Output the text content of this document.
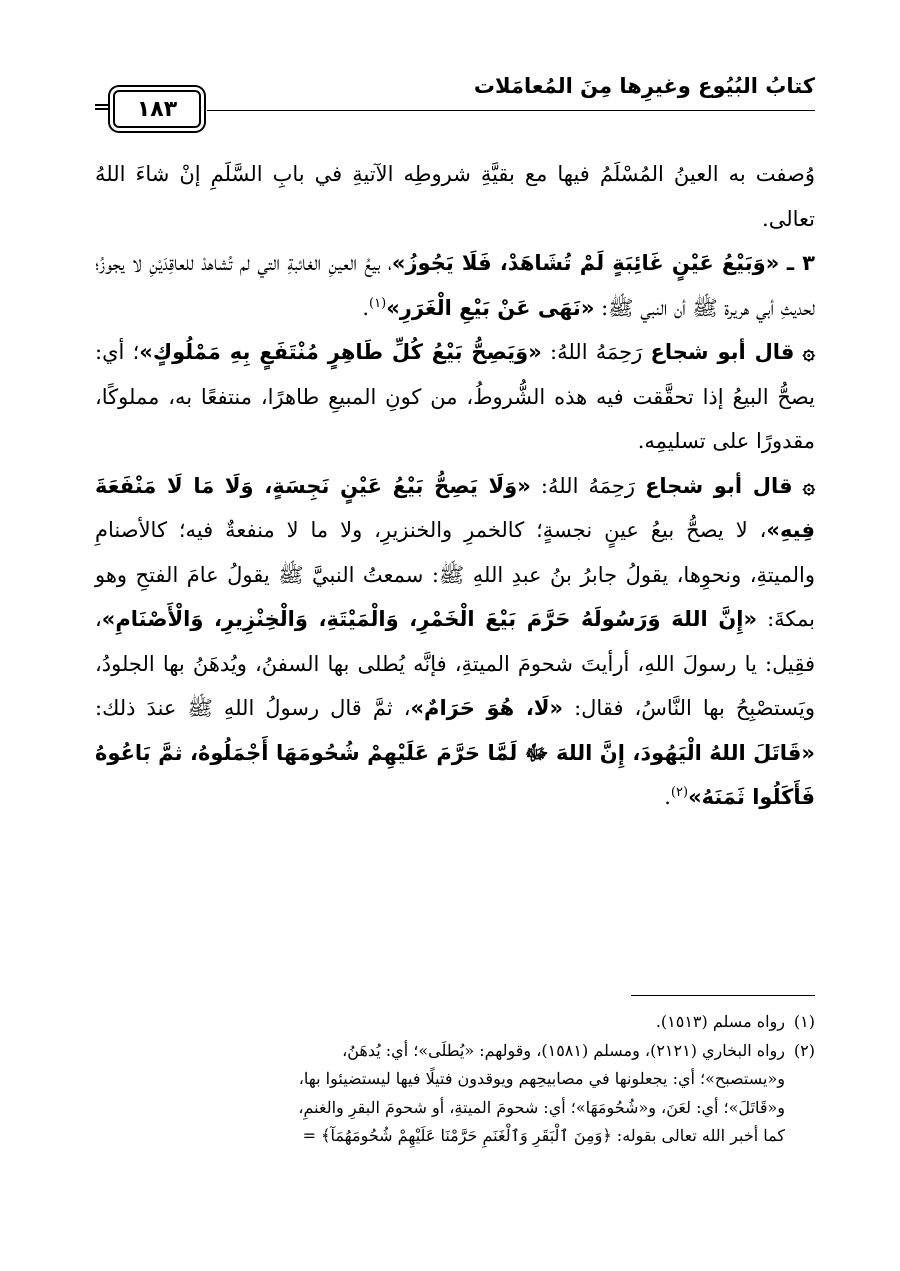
كتابُ البُيُوع وغيرِها مِنَ المُعامَلات
١٨٣

وُصفت به العينُ المُسْلَمُ فيها مع بقيَّةِ شروطِه الآتيةِ في بابِ السَّلَمِ إنْ شاءَ اللهُ تعالى.

٣ ـ «وَبَيْعُ عَيْنٍ غَائِبَةٍ لَمْ تُشَاهَدْ، فَلَا يَجُوزُ»، بيعُ العينِ الغائبةِ التي لم تُشاهدْ للعاقِدَيْنِ لا يجوزُ؛ لحديثِ أبي هريرة ﷺ أن النبي ﷺ: «نَهَى عَنْ بَيْعِ الْغَرَرِ»$^{(١)}$.

۞ قال أبو شجاع رَحِمَهُ اللهُ: «وَيَصِحُّ بَيْعُ كُلِّ طَاهِرٍ مُنْتَفَعٍ بِهِ مَمْلُوكٍ»؛ أي: يصحُّ البيعُ إذا تحقَّقت فيه هذه الشُّروطُ، من كونِ المبيعِ طاهرًا، منتفعًا به، مملوكًا، مقدورًا على تسليمِه.

۞ قال أبو شجاع رَحِمَهُ اللهُ: «وَلَا يَصِحُّ بَيْعُ عَيْنٍ نَجِسَةٍ، وَلَا مَا لَا مَنْفَعَةَ فِيهِ»، لا يصحُّ بيعُ عينٍ نجسةٍ؛ كالخمرِ والخنزيرِ، ولا ما لا منفعةٌ فيه؛ كالأصنامِ والميتةِ، ونحوِها، يقولُ جابرُ بنُ عبدِ اللهِ ﷺ: سمعتُ النبيَّ ﷺ يقولُ عامَ الفتحِ وهو بمكةَ: «إِنَّ اللهَ وَرَسُولَهُ حَرَّمَ بَيْعَ الْخَمْرِ، وَالْمَيْتَةِ، وَالْخِنْزِيرِ، وَالْأَصْنَامِ»، فقِيل: يا رسولَ اللهِ، أرأيتَ شحومَ الميتةِ، فإنَّه يُطلى بها السفنُ، ويُدهَنُ بها الجلودُ، ويَستصْبِحُ بها النَّاسُ، فقال: «لَا، هُوَ حَرَامٌ»، ثمَّ قال رسولُ اللهِ ﷺ عندَ ذلك: «قَاتَلَ اللهُ الْيَهُودَ، إِنَّ اللهَ ﷻ لَمَّا حَرَّمَ عَلَيْهِمْ شُحُومَهَا أَجْمَلُوهُ، ثمَّ بَاعُوهُ فَأَكَلُوا ثَمَنَهُ»$^{(٢)}$.

(١)رواه مسلم (١٥١٣).

(٢)رواه البخاري (٢١٢١)، ومسلم (١٥٨١)، وقولهم: «يُطلَى»؛ أي: يُدهَنُ،

و«يستصبح»؛ أي: يجعلونها في مصابيحِهم ويوقدون فتيلًا فيها ليستضيئوا بها،

و«قَاتَلَ»؛ أي: لعَنَ، و«شُحُومَهَا»؛ أي: شحومَ الميتةِ، أو شحومَ البقرِ والغنمِ،

كما أخبر الله تعالى بقوله: ﴿وَمِنَ ٱلْبَقَرِ وَٱلْغَنَمِ حَرَّمْنَا عَلَيْهِمْ شُحُومَهُمَآ﴾ =
